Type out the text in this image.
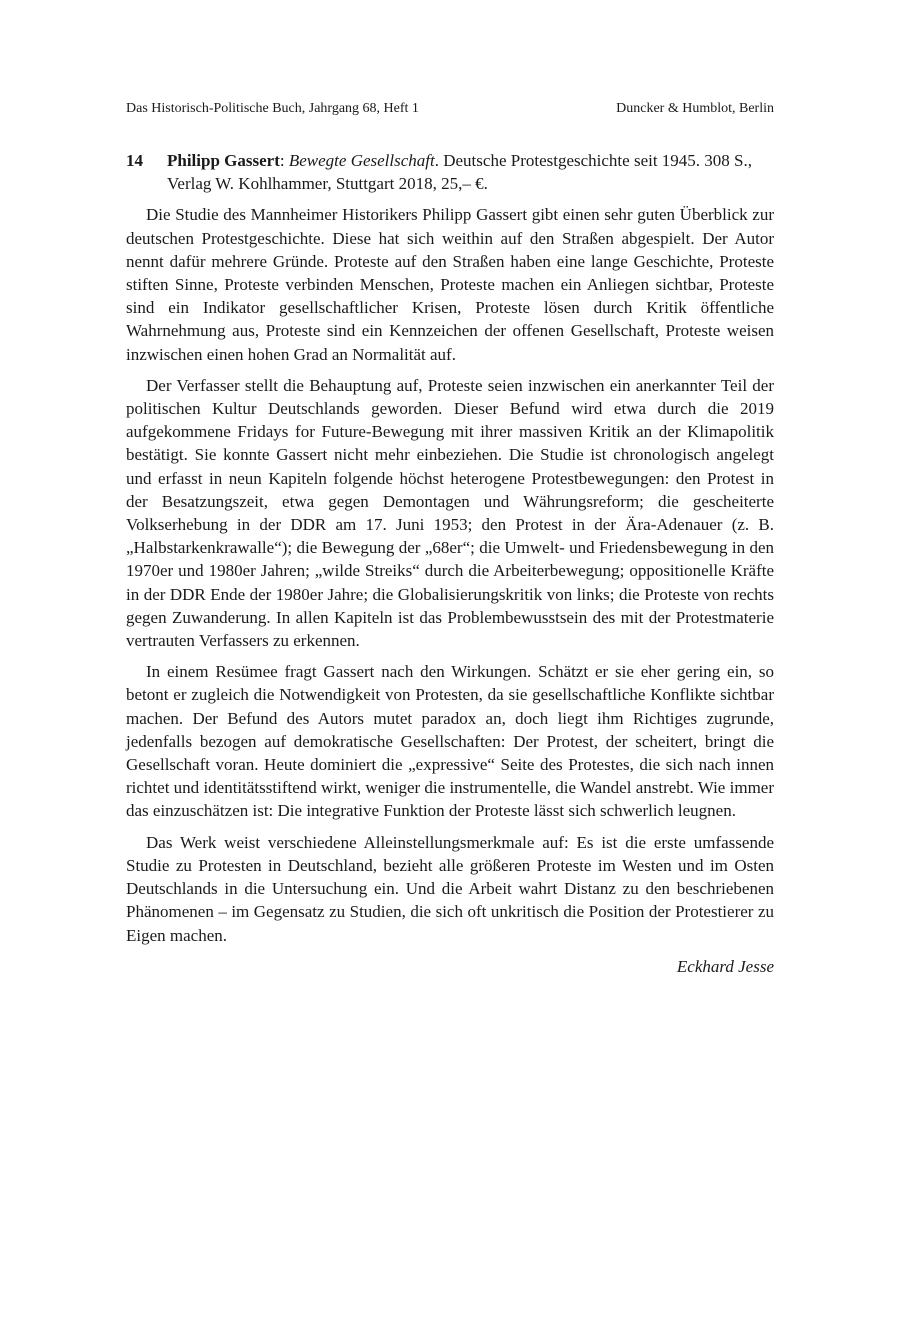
Das Historisch-Politische Buch, Jahrgang 68, Heft 1	Duncker & Humblot, Berlin
14 Philipp Gassert: Bewegte Gesellschaft. Deutsche Protestgeschichte seit 1945. 308 S., Verlag W. Kohlhammer, Stuttgart 2018, 25,– €.

Die Studie des Mannheimer Historikers Philipp Gassert gibt einen sehr guten Überblick zur deutschen Protestgeschichte. Diese hat sich weithin auf den Straßen abgespielt. Der Autor nennt dafür mehrere Gründe. Proteste auf den Straßen haben eine lange Geschichte, Proteste stiften Sinne, Proteste verbinden Menschen, Proteste machen ein Anliegen sichtbar, Proteste sind ein Indikator gesellschaftlicher Krisen, Proteste lösen durch Kritik öffentliche Wahrnehmung aus, Proteste sind ein Kennzeichen der offenen Gesellschaft, Proteste weisen inzwischen einen hohen Grad an Normalität auf.

Der Verfasser stellt die Behauptung auf, Proteste seien inzwischen ein anerkannter Teil der politischen Kultur Deutschlands geworden. Dieser Befund wird etwa durch die 2019 aufgekommene Fridays for Future-Bewegung mit ihrer massiven Kritik an der Klimapolitik bestätigt. Sie konnte Gassert nicht mehr einbeziehen. Die Studie ist chronologisch angelegt und erfasst in neun Kapiteln folgende höchst heterogene Protestbewegungen: den Protest in der Besatzungszeit, etwa gegen Demontagen und Währungsreform; die gescheiterte Volkserhebung in der DDR am 17. Juni 1953; den Protest in der Ära-Adenauer (z. B. „Halbstarkenkrawalle“); die Bewegung der „68er“; die Umwelt- und Friedensbewegung in den 1970er und 1980er Jahren; „wilde Streiks“ durch die Arbeiterbewegung; oppositionelle Kräfte in der DDR Ende der 1980er Jahre; die Globalisierungskritik von links; die Proteste von rechts gegen Zuwanderung. In allen Kapiteln ist das Problembewusstsein des mit der Protestmaterie vertrauten Verfassers zu erkennen.

In einem Resümee fragt Gassert nach den Wirkungen. Schätzt er sie eher gering ein, so betont er zugleich die Notwendigkeit von Protesten, da sie gesellschaftliche Konflikte sichtbar machen. Der Befund des Autors mutet paradox an, doch liegt ihm Richtiges zugrunde, jedenfalls bezogen auf demokratische Gesellschaften: Der Protest, der scheitert, bringt die Gesellschaft voran. Heute dominiert die „expressive“ Seite des Protestes, die sich nach innen richtet und identitätsstiftend wirkt, weniger die instrumentelle, die Wandel anstrebt. Wie immer das einzuschätzen ist: Die integrative Funktion der Proteste lässt sich schwerlich leugnen.

Das Werk weist verschiedene Alleinstellungsmerkmale auf: Es ist die erste umfassende Studie zu Protesten in Deutschland, bezieht alle größeren Proteste im Westen und im Osten Deutschlands in die Untersuchung ein. Und die Arbeit wahrt Distanz zu den beschriebenen Phänomenen – im Gegensatz zu Studien, die sich oft unkritisch die Position der Protestierer zu Eigen machen.

Eckhard Jesse
